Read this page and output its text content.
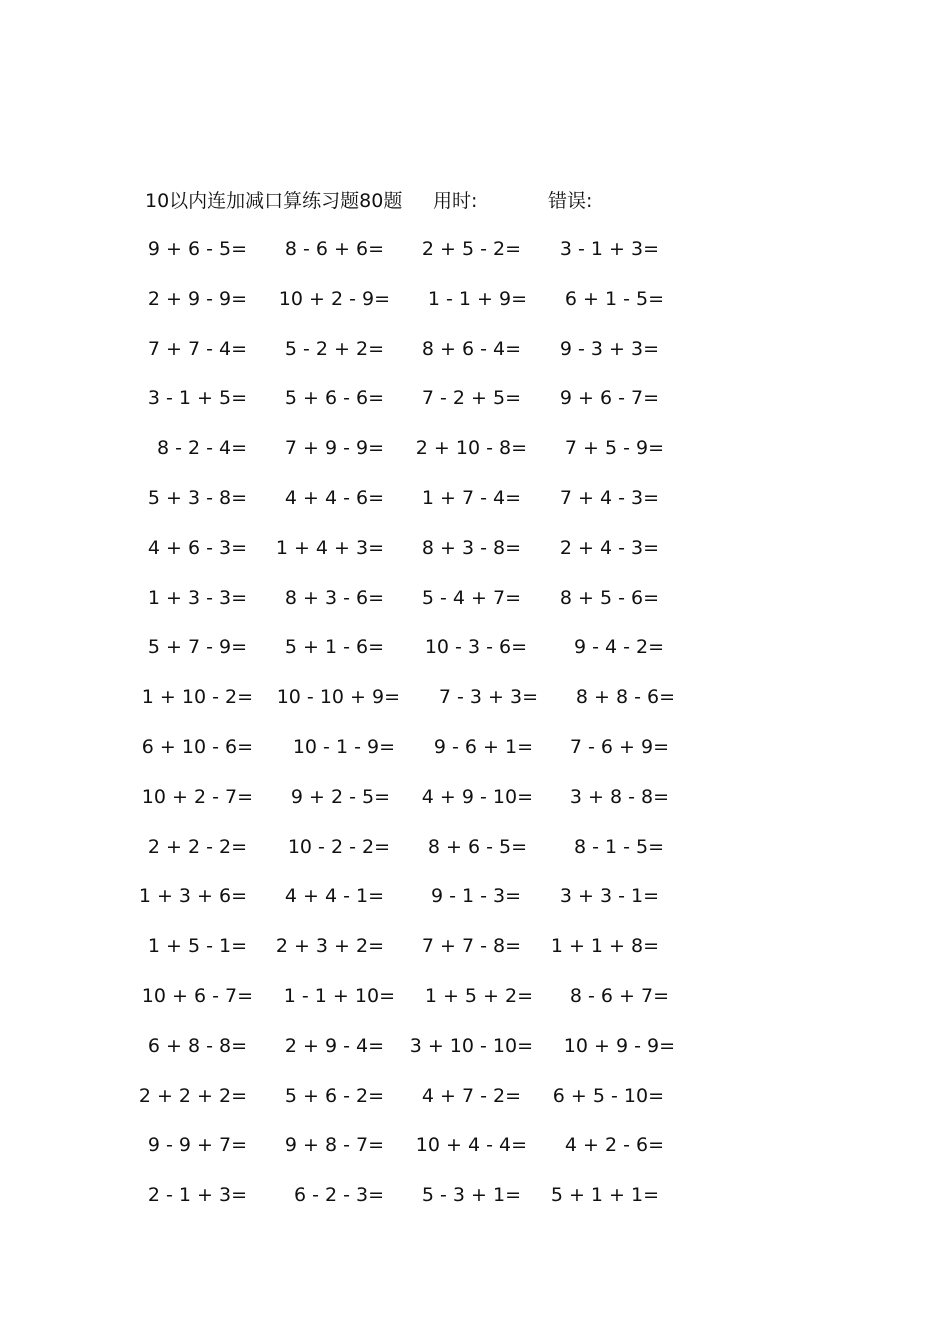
10以内连加减口算练习题80题 用时:	错误:
9 + 6 - 5= 8 - 6 + 6= 2 + 5 - 2= 3 - 1 + 3=
2 + 9 - 9= 10 + 2 - 9= 1 - 1 + 9= 6 + 1 - 5=
7 + 7 - 4= 5 - 2 + 2= 8 + 6 - 4= 9 - 3 + 3=
3 - 1 + 5= 5 + 6 - 6= 7 - 2 + 5= 9 + 6 - 7=
8 - 2 - 4= 7 + 9 - 9= 2 + 10 - 8= 7 + 5 - 9=
5 + 3 - 8= 4 + 4 - 6= 1 + 7 - 4= 7 + 4 - 3=
4 + 6 - 3= 1 + 4 + 3= 8 + 3 - 8= 2 + 4 - 3=
1 + 3 - 3= 8 + 3 - 6= 5 - 4 + 7= 8 + 5 - 6=
5 + 7 - 9= 5 + 1 - 6= 10 - 3 - 6= 9 - 4 - 2=
1 + 10 - 2= 10 - 10 + 9= 7 - 3 + 3= 8 + 8 - 6=
6 + 10 - 6= 10 - 1 - 9= 9 - 6 + 1= 7 - 6 + 9=
10 + 2 - 7= 9 + 2 - 5= 4 + 9 - 10= 3 + 8 - 8=
2 + 2 - 2= 10 - 2 - 2= 8 + 6 - 5= 8 - 1 - 5=
1 + 3 + 6= 4 + 4 - 1= 9 - 1 - 3= 3 + 3 - 1=
1 + 5 - 1= 2 + 3 + 2= 7 + 7 - 8= 1 + 1 + 8=
10 + 6 - 7= 1 - 1 + 10= 1 + 5 + 2= 8 - 6 + 7=
6 + 8 - 8= 2 + 9 - 4= 3 + 10 - 10= 10 + 9 - 9=
2 + 2 + 2= 5 + 6 - 2= 4 + 7 - 2= 6 + 5 - 10=
9 - 9 + 7= 9 + 8 - 7= 10 + 4 - 4= 4 + 2 - 6=
2 - 1 + 3= 6 - 2 - 3= 5 - 3 + 1= 5 + 1 + 1=
